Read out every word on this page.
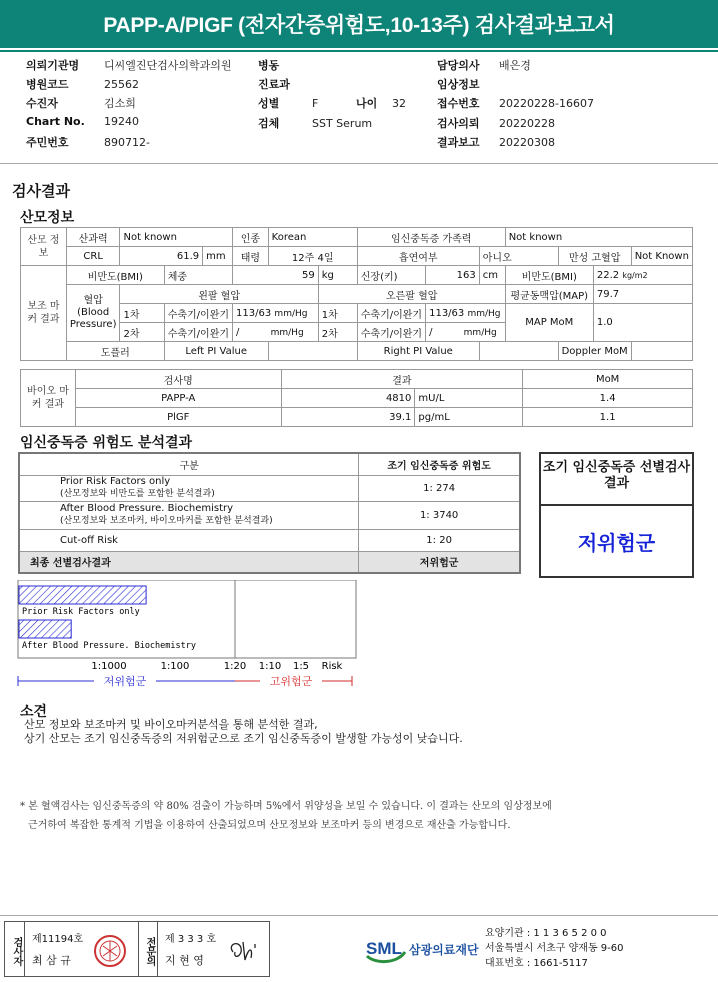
PAPP-A/PIGF (전자간증위험도,10-13주) 검사결과보고서
의뢰기관명 디씨엘진단검사의학과의원
병원코드	25562
수진자	김소희
Chart No. 19240
주민번호	890712-
병동
진료과
성별	F	나이 32
검체	SST Serum
담당의사 배은경
임상정보
접수번호 20220228-16607
검사의뢰 20220228
결과보고 20220308
검사결과
산모정보
산모 정보	산과력	Not known			인종	Korean		임신중독증 가족력			Not known			
	CRL	61.9		mm	태령	12주 4일		흡연여부		아니오		만성 고혈압		Not Known
보조 마커 결과	비만도(BMI)		체중		59		kg	신장(키)	163	cm	비만도(BMI)		22.2 kg/m2	
	혈압 (Blood Pressure)	왼팔 혈압					오른팔 혈압				평균동맥압(MAP)		79.7	
		1차	수축기/이완기		113/63 mm/Hg		1차	수축기/이완기	113/63 mm/Hg		MAP MoM		1.0	
		2차	수축기/이완기		/ mm/Hg		2차	수축기/이완기	/ mm/Hg					
	도플러		Left PI Value					Right PI Value				Doppler MoM		
바이오 마커 결과	검사명	결과		MoM
	PAPP-A	4810	mU/L	1.4
	PlGF	39.1	pg/mL	1.1
임신중독증 위험도 분석결과
구분	조기 임신중독증 위험도

Prior Risk Factors only
(산모정보와 비만도를 포함한 분석결과)	1: 274

After Blood Pressure. Biochemistry
(산모정보와 보조마커, 바이오마커를 포함한 분석결과)	1: 3740
Cut-off Risk	1: 20
최종 선별검사결과	저위험군
조기 임신중독증 선별검사결과
저위험군
Prior Risk Factors only
After Blood Pressure. Biochemistry
1:1000	1:100	1:20 1:10 1:5 Risk
저위험군	고위험군
소견
산모 정보와 보조마커 및 바이오마커분석을 통해 분석한 결과,
상기 산모는 조기 임신중독증의 저위험군으로 조기 임신중독증이 발생할 가능성이 낮습니다.
* 본 혈액검사는 임신중독증의 약 80% 검출이 가능하며 5%에서 위양성을 보일 수 있습니다. 이 결과는 산모의 임상정보에
근거하여 복잡한 통계적 기법을 이용하여 산출되었으며 산모정보와 보조마커 등의 변경으로 재산출 가능합니다.
검 사 자	제11194호
최 삼 규	전 문 의	제 3 3 3 호
지 현 영
SML 삼광의료재단
요양기관 : 1 1 3 6 5 2 0 0
서울특별시 서초구 양재동 9-60
대표번호 : 1661-5117
